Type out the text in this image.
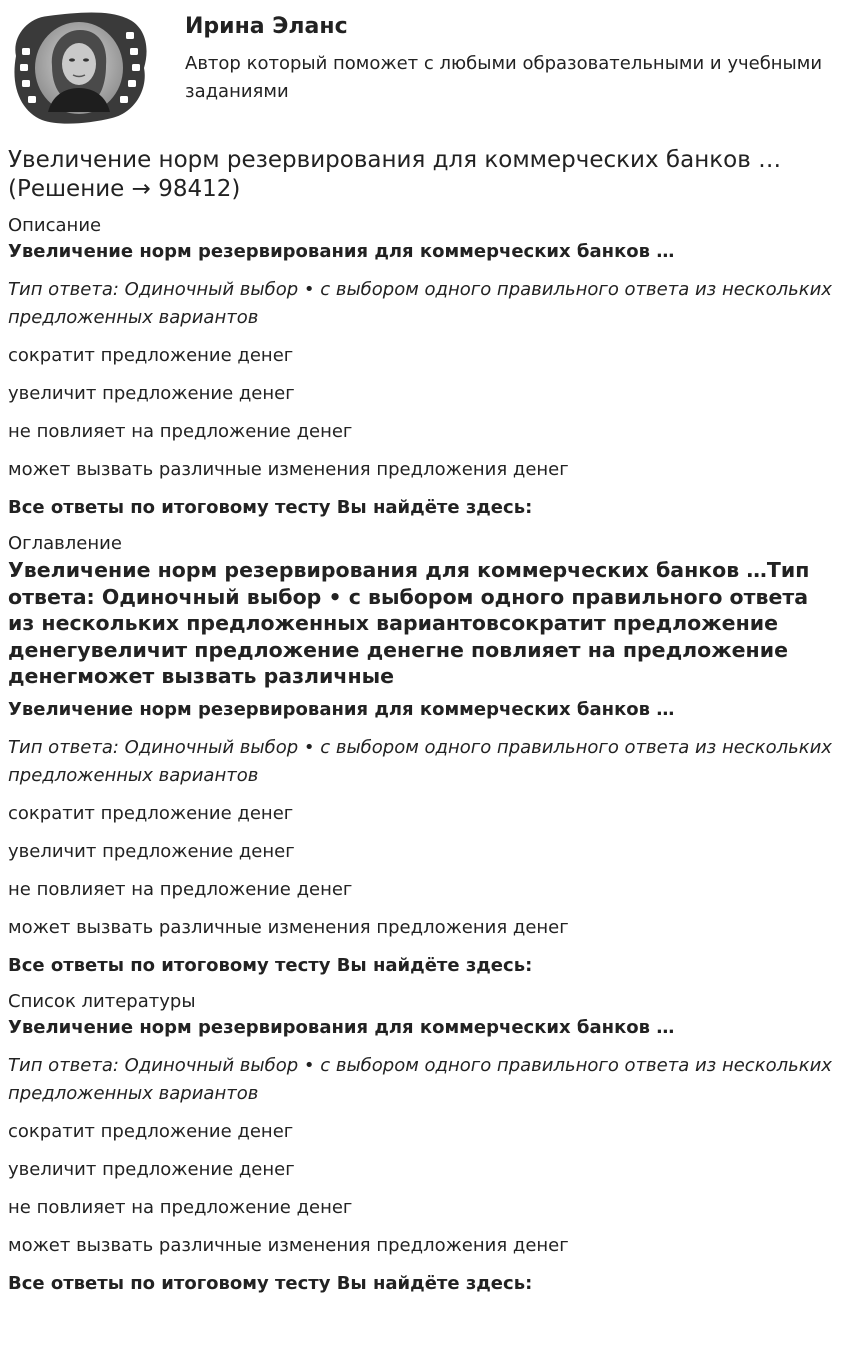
Ирина Эланс
Автор который поможет с любыми образовательными и учебными заданиями
Увеличение норм резервирования для коммерческих банков … (Решение → 98412)
Описание
Увеличение норм резервирования для коммерческих банков …
Тип ответа: Одиночный выбор • с выбором одного правильного ответа из нескольких предложенных вариантов
сократит предложение денег
увеличит предложение денег
не повлияет на предложение денег
может вызвать различные изменения предложения денег
Все ответы по итоговому тесту Вы найдёте здесь:
Оглавление
Увеличение норм резервирования для коммерческих банков …Тип ответа: Одиночный выбор • с выбором одного правильного ответа из нескольких предложенных вариантовсократит предложение денегувеличит предложение денегне повлияет на предложение денегможет вызвать различные
Увеличение норм резервирования для коммерческих банков …
Тип ответа: Одиночный выбор • с выбором одного правильного ответа из нескольких предложенных вариантов
сократит предложение денег
увеличит предложение денег
не повлияет на предложение денег
может вызвать различные изменения предложения денег
Все ответы по итоговому тесту Вы найдёте здесь:
Список литературы
Увеличение норм резервирования для коммерческих банков …
Тип ответа: Одиночный выбор • с выбором одного правильного ответа из нескольких предложенных вариантов
сократит предложение денег
увеличит предложение денег
не повлияет на предложение денег
может вызвать различные изменения предложения денег
Все ответы по итоговому тесту Вы найдёте здесь:
